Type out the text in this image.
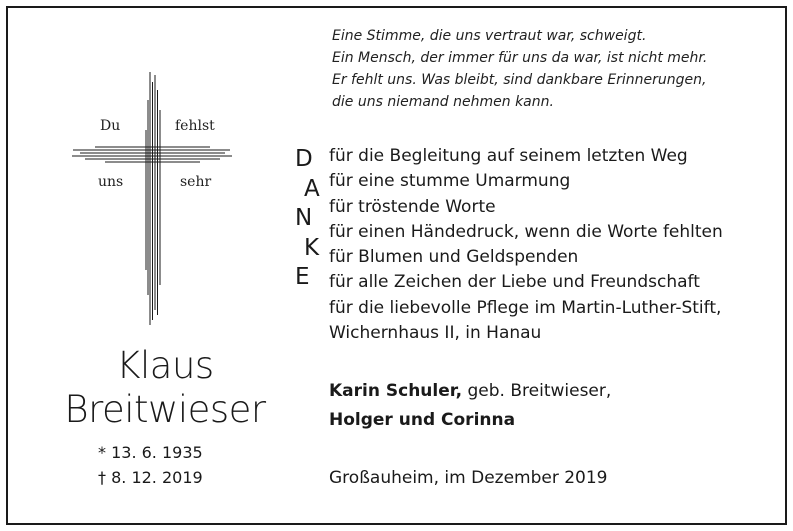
Eine Stimme, die uns vertraut war, schweigt.
Ein Mensch, der immer für uns da war, ist nicht mehr.
Er fehlt uns. Was bleibt, sind dankbare Erinnerungen,
die uns niemand nehmen kann.
Du	fehlst
uns	sehr
D
A
N
K
E
für die Begleitung auf seinem letzten Weg
für eine stumme Umarmung
für tröstende Worte
für einen Händedruck, wenn die Worte fehlten
für Blumen und Geldspenden
für alle Zeichen der Liebe und Freundschaft
für die liebevolle Pflege im Martin-Luther-Stift,
Wichernhaus II, in Hanau
Klaus
Breitwieser
* 13. 6. 1935
† 8. 12. 2019
Karin Schuler, geb. Breitwieser,
Holger und Corinna
Großauheim, im Dezember 2019
